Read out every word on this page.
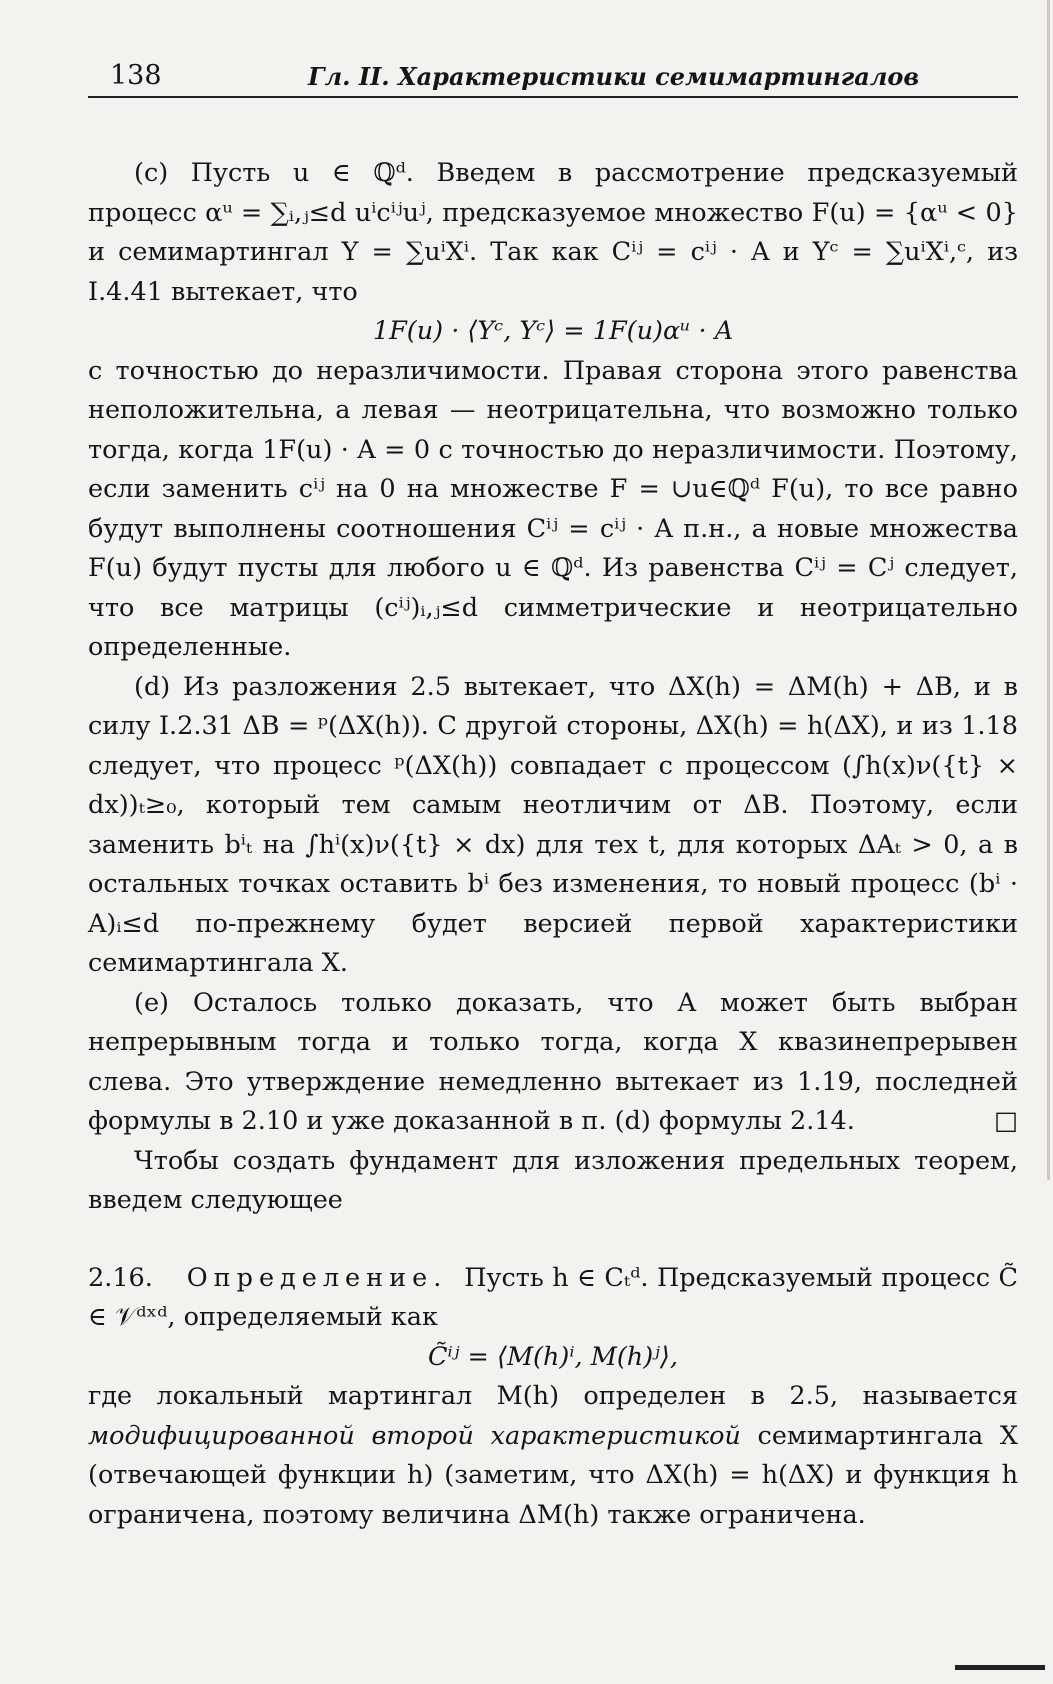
138	Гл. II. Характеристики семимартингалов

(c) Пусть u ∈ ℚᵈ. Введем в рассмотрение предсказуемый процесс αᵘ = ∑ᵢ,ⱼ≤d uⁱcⁱʲuʲ, предсказуемое множество F(u) = {αᵘ < 0} и семимартингал Y = ∑uⁱXⁱ. Так как Cⁱʲ = cⁱʲ · A и Yᶜ = ∑uⁱXⁱ,ᶜ, из I.4.41 вытекает, что

1F(u) · ⟨Yᶜ, Yᶜ⟩ = 1F(u)αᵘ · A

с точностью до неразличимости. Правая сторона этого равенства неположительна, а левая — неотрицательна, что возможно только тогда, когда 1F(u) · A = 0 с точностью до неразличимости. Поэтому, если заменить cⁱʲ на 0 на множестве F = ∪u∈ℚᵈ F(u), то все равно будут выполнены соотношения Cⁱʲ = cⁱʲ · A п.н., а новые множества F(u) будут пусты для любого u ∈ ℚᵈ. Из равенства Cⁱʲ = Cʲ следует, что все матрицы (cⁱʲ)ᵢ,ⱼ≤d симметрические и неотрицательно определенные.

(d) Из разложения 2.5 вытекает, что ΔX(h) = ΔM(h) + ΔB, и в силу I.2.31 ΔB = ᵖ(ΔX(h)). С другой стороны, ΔX(h) = h(ΔX), и из 1.18 следует, что процесс ᵖ(ΔX(h)) совпадает с процессом (∫h(x)ν({t} × dx))ₜ≥₀, который тем самым неотличим от ΔB. Поэтому, если заменить bⁱₜ на ∫hⁱ(x)ν({t} × dx) для тех t, для которых ΔAₜ > 0, а в остальных точках оставить bⁱ без изменения, то новый процесс (bⁱ · A)ᵢ≤d по-прежнему будет версией первой характеристики семимартингала X.

(e) Осталось только доказать, что A может быть выбран непрерывным тогда и только тогда, когда X квазинепрерывен слева. Это утверждение немедленно вытекает из 1.19, последней формулы в 2.10 и уже доказанной в п. (d) формулы 2.14.	□

Чтобы создать фундамент для изложения предельных теорем, введем следующее

2.16. Определение. Пусть h ∈ Cₜᵈ. Предсказуемый процесс C̃ ∈ 𝒱ᵈˣᵈ, определяемый как

C̃ⁱʲ = ⟨M(h)ⁱ, M(h)ʲ⟩,

где локальный мартингал M(h) определен в 2.5, называется модифицированной второй характеристикой семимартингала X (отвечающей функции h) (заметим, что ΔX(h) = h(ΔX) и функция h ограничена, поэтому величина ΔM(h) также ограничена.
